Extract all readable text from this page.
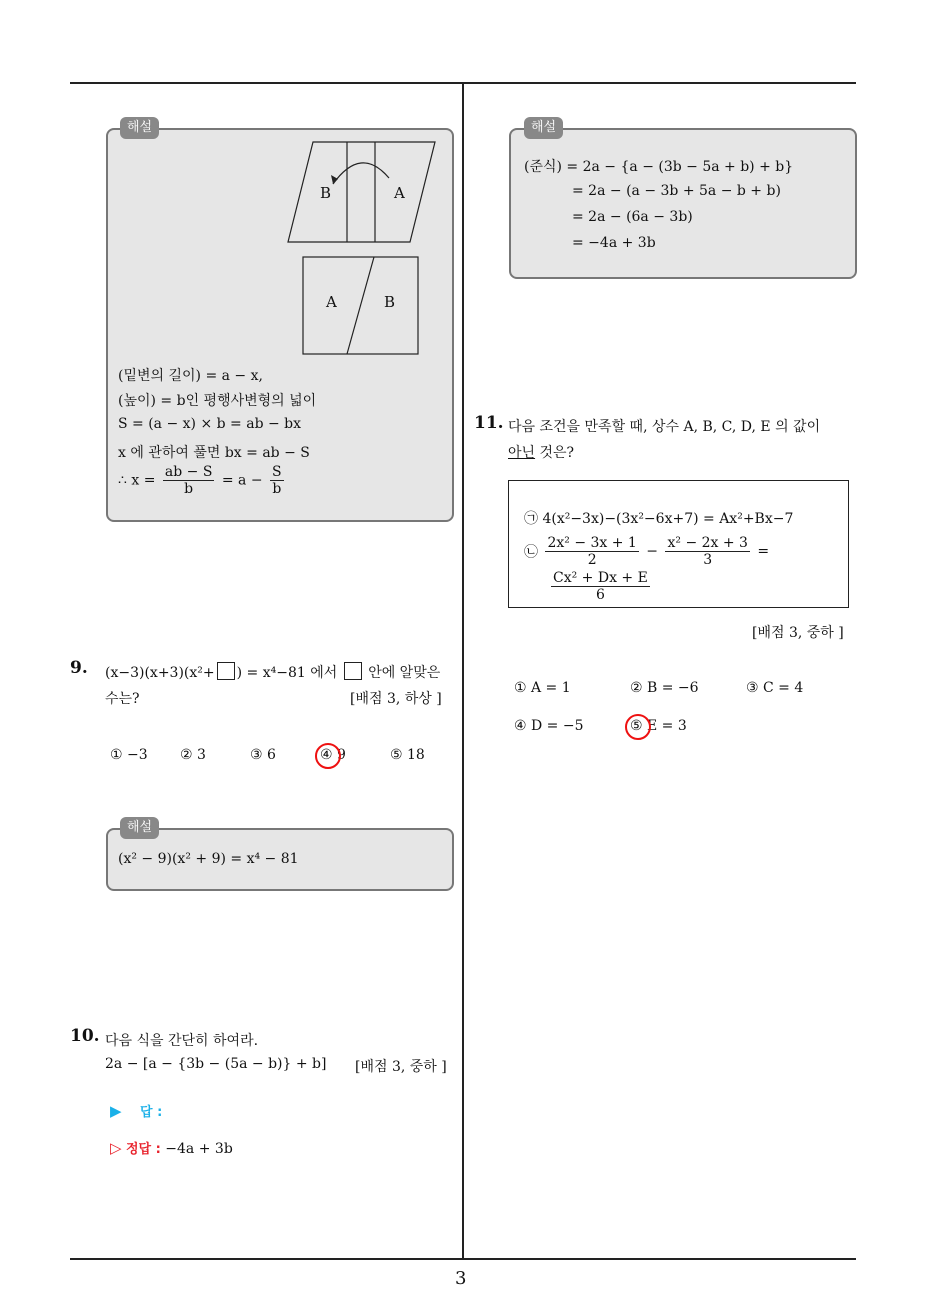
3
해설
B	A
A	B
(밑변의 길이) = a − x,
(높이) = b인 평행사변형의 넓이
S = (a − x) × b = ab − bx
x 에 관하여 풀면 bx = ab − S
∴ $x = \frac{ab - S}{b} = a - \frac{S}{b}$
9. (x−3)(x+3)(x²+ ) = x⁴−81 에서 안에 알맞은
수는?	[배점 3, 하상 ]
① −3 ② 3	③ 6	④ 9	⑤ 18
해설
(x² − 9)(x² + 9) = x⁴ − 81
10. 다음 식을 간단히 하여라.
2a − [a − {3b − (5a − b)} + b] [배점 3, 중하 ]
▶ 답 :
▷ 정답 : −4a + 3b
해설
(준식) = 2a − {a − (3b − 5a + b) + b}
= 2a − (a − 3b + 5a − b + b)
= 2a − (6a − 3b)
= −4a + 3b
11. 다음 조건을 만족할 때, 상수 A, B, C, D, E 의 값이
아닌 것은?
㉠ 4(x²−3x)−(3x²−6x+7) = Ax²+Bx−7
㉡ $\frac{\text{2x² − 3x + 1}}{2} - \frac{\text{x² − 2x + 3}}{3}$ =
$\frac{\text{Cx² + Dx + E}}{6}$
[배점 3, 중하 ]
① A = 1	② B = −6	③ C = 4
④ D = −5	⑤ E = 3
